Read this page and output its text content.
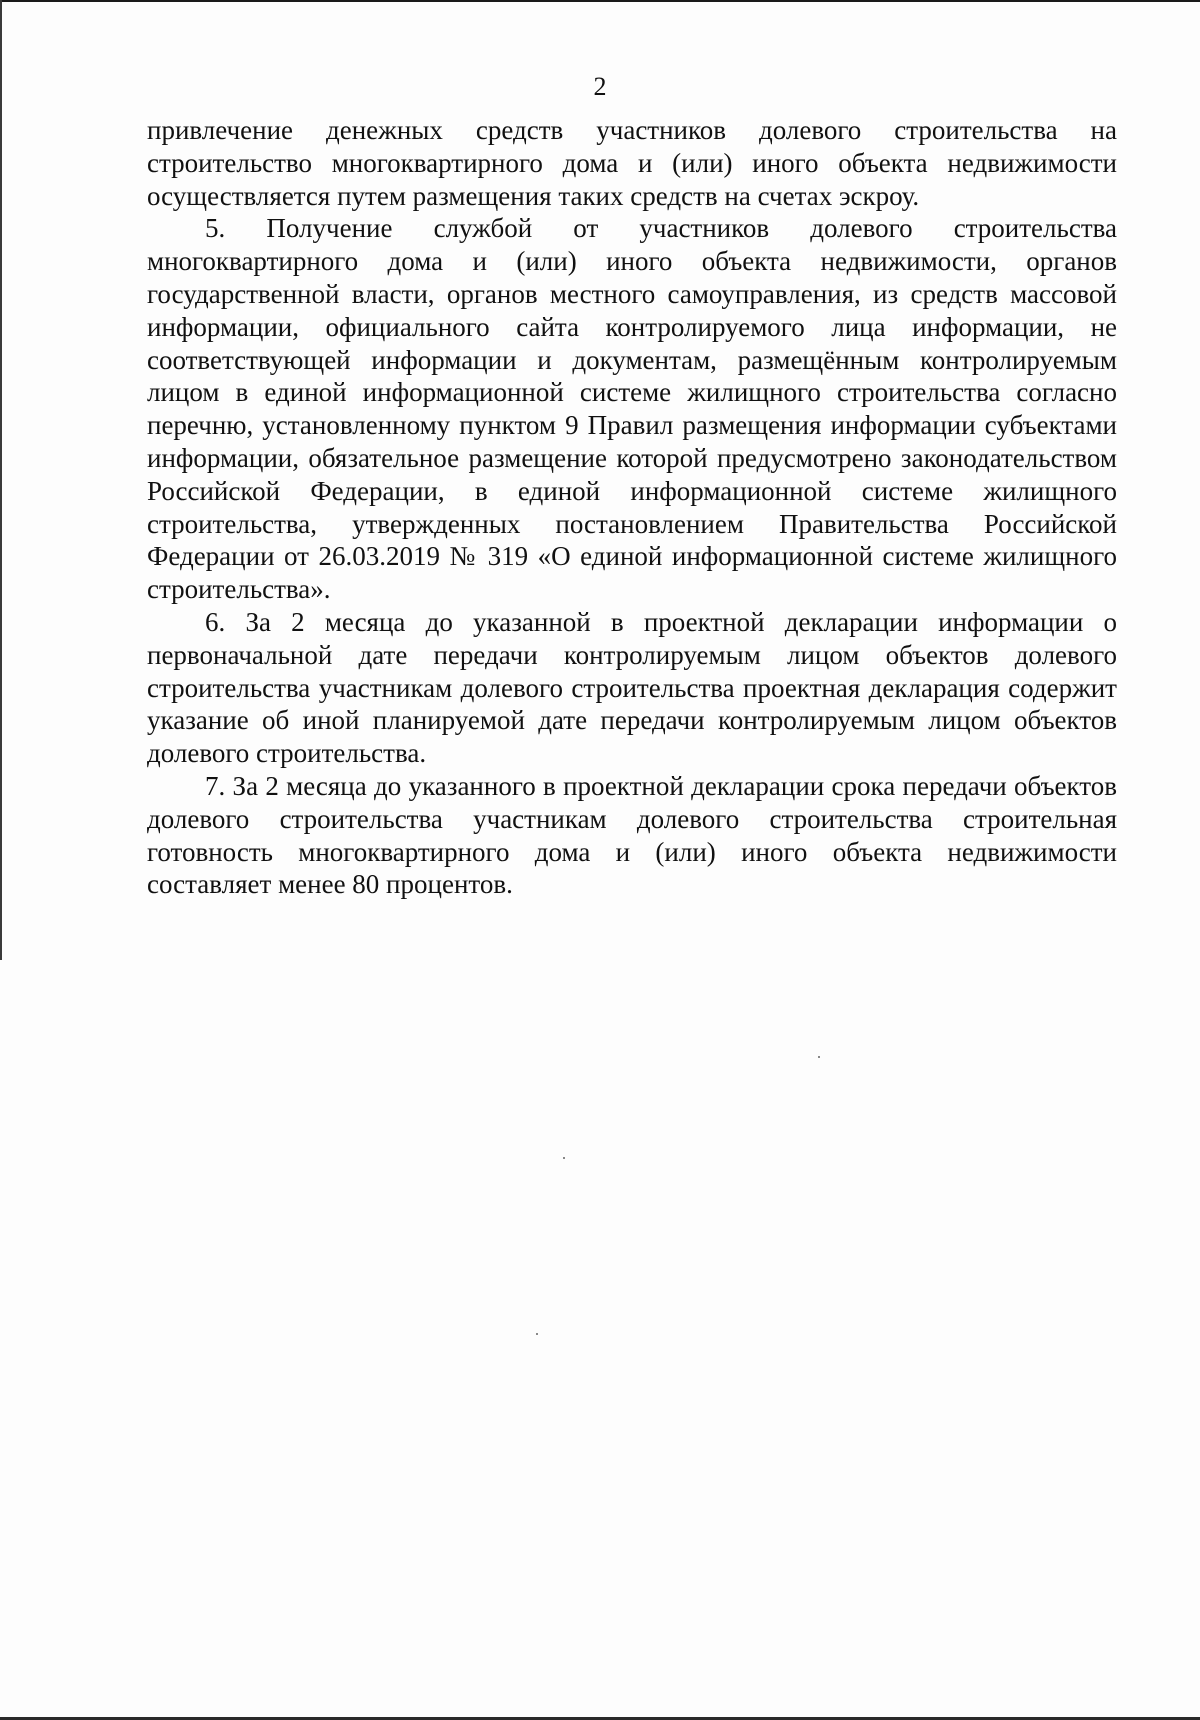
2

привлечение денежных средств участников долевого строительства на строительство многоквартирного дома и (или) иного объекта недвижимости осуществляется путем размещения таких средств на счетах эскроу.

5. Получение службой от участников долевого строительства многоквартирного дома и (или) иного объекта недвижимости, органов государственной власти, органов местного самоуправления, из средств массовой информации, официального сайта контролируемого лица информации, не соответствующей информации и документам, размещённым контролируемым лицом в единой информационной системе жилищного строительства согласно перечню, установленному пунктом 9 Правил размещения информации субъектами информации, обязательное размещение которой предусмотрено законодательством Российской Федерации, в единой информационной системе жилищного строительства, утвержденных постановлением Правительства Российской Федерации от 26.03.2019 № 319 «О единой информационной системе жилищного строительства».

6. За 2 месяца до указанной в проектной декларации информации о первоначальной дате передачи контролируемым лицом объектов долевого строительства участникам долевого строительства проектная декларация содержит указание об иной планируемой дате передачи контролируемым лицом объектов долевого строительства.

7. За 2 месяца до указанного в проектной декларации срока передачи объектов долевого строительства участникам долевого строительства строительная готовность многоквартирного дома и (или) иного объекта недвижимости составляет менее 80 процентов.
